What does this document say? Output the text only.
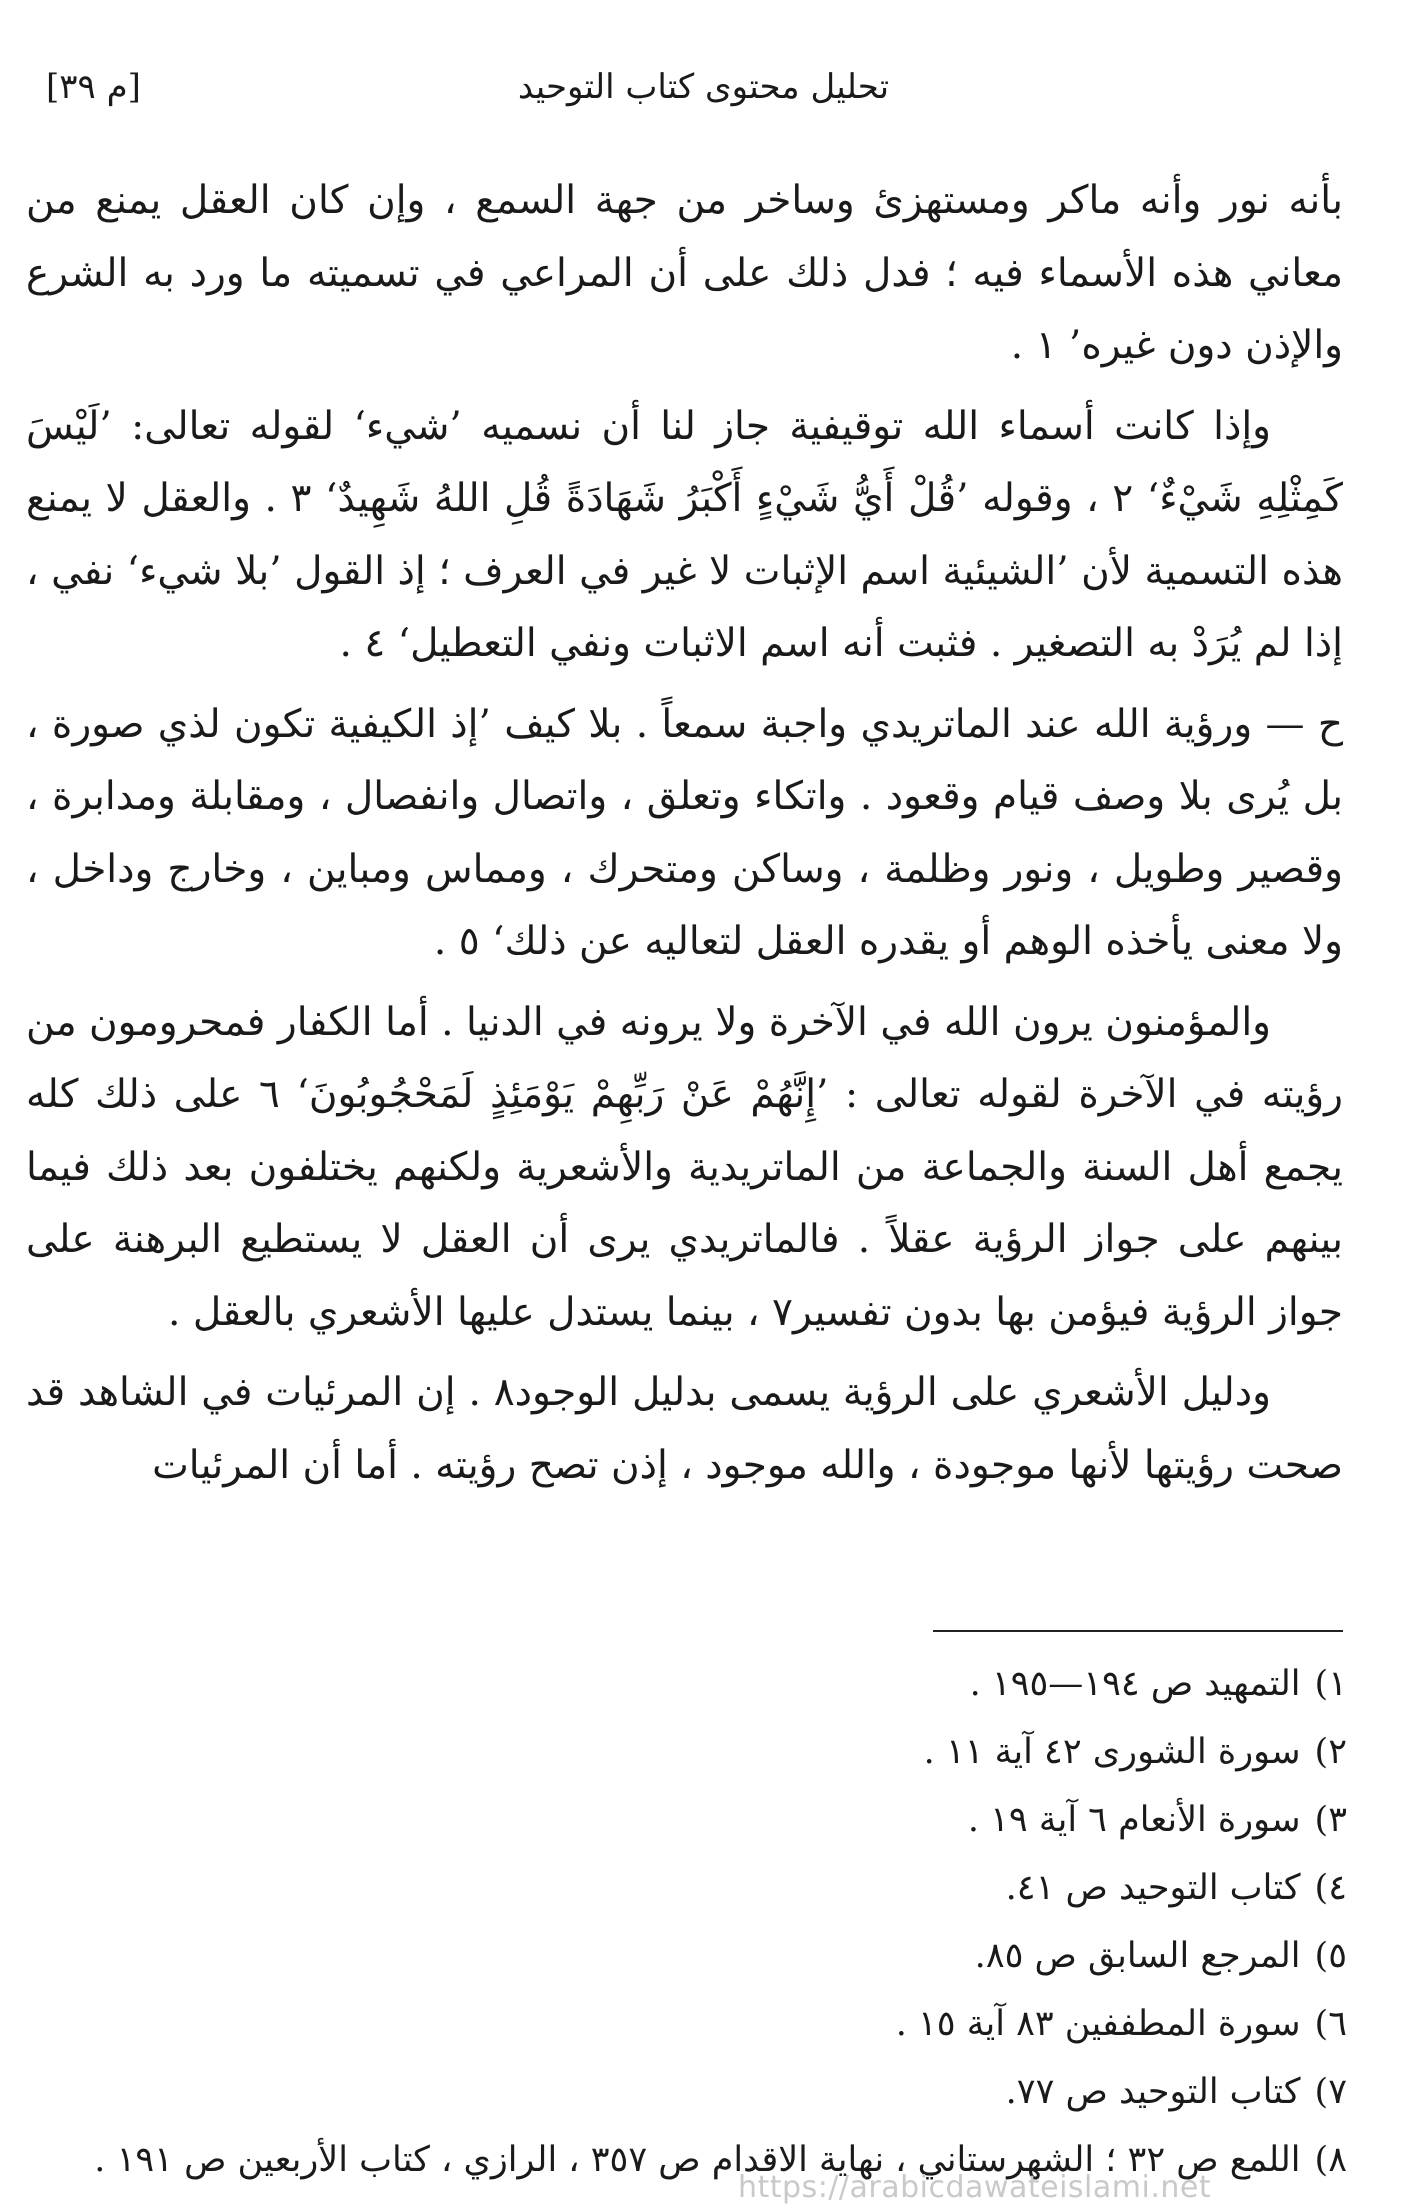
تحليل محتوى كتاب التوحيد
[م ٣٩]

بأنه نور وأنه ماكر ومستهزئ وساخر من جهة السمع ، وإن كان العقل يمنع من معاني هذه الأسماء فيه ؛ فدل ذلك على أن المراعي في تسميته ما ورد به الشرع والإذن دون غيره’ ١ .

وإذا كانت أسماء الله توقيفية جاز لنا أن نسميه ’شيء‘ لقوله تعالى: ’لَيْسَ كَمِثْلِهِ شَيْءٌ‘ ٢ ، وقوله ’قُلْ أَيُّ شَيْءٍ أَكْبَرُ شَهَادَةً قُلِ اللهُ شَهِيدٌ‘ ٣ . والعقل لا يمنع هذه التسمية لأن ’الشيئية اسم الإثبات لا غير في العرف ؛ إذ القول ’بلا شيء‘ نفي ، إذا لم يُرَدْ به التصغير . فثبت أنه اسم الاثبات ونفي التعطيل‘ ٤ .

ح — ورؤية الله عند الماتريدي واجبة سمعاً . بلا كيف ’إذ الكيفية تكون لذي صورة ، بل يُرى بلا وصف قيام وقعود . واتكاء وتعلق ، واتصال وانفصال ، ومقابلة ومدابرة ، وقصير وطويل ، ونور وظلمة ، وساكن ومتحرك ، ومماس ومباين ، وخارج وداخل ، ولا معنى يأخذه الوهم أو يقدره العقل لتعاليه عن ذلك‘ ٥ .

والمؤمنون يرون الله في الآخرة ولا يرونه في الدنيا . أما الكفار فمحرومون من رؤيته في الآخرة لقوله تعالى : ’إِنَّهُمْ عَنْ رَبِّهِمْ يَوْمَئِذٍ لَمَحْجُوبُونَ‘ ٦ على ذلك كله يجمع أهل السنة والجماعة من الماتريدية والأشعرية ولكنهم يختلفون بعد ذلك فيما بينهم على جواز الرؤية عقلاً . فالماتريدي يرى أن العقل لا يستطيع البرهنة على جواز الرؤية فيؤمن بها بدون تفسير٧ ، بينما يستدل عليها الأشعري بالعقل .

ودليل الأشعري على الرؤية يسمى بدليل الوجود٨ . إن المرئيات في الشاهد قد صحت رؤيتها لأنها موجودة ، والله موجود ، إذن تصح رؤيته . أما أن المرئيات

١)التمهيد ص ١٩٤—١٩٥ .
٢)سورة الشورى ٤٢ آية ١١ .
٣)سورة الأنعام ٦ آية ١٩ .
٤)كتاب التوحيد ص ٤١.
٥)المرجع السابق ص ٨٥.
٦)سورة المطففين ٨٣ آية ١٥ .
٧)كتاب التوحيد ص ٧٧.
٨)اللمع ص ٣٢ ؛ الشهرستاني ، نهاية الاقدام ص ٣٥٧ ، الرازي ، كتاب الأربعين ص ١٩١ .
https://arabicdawateislami.net
